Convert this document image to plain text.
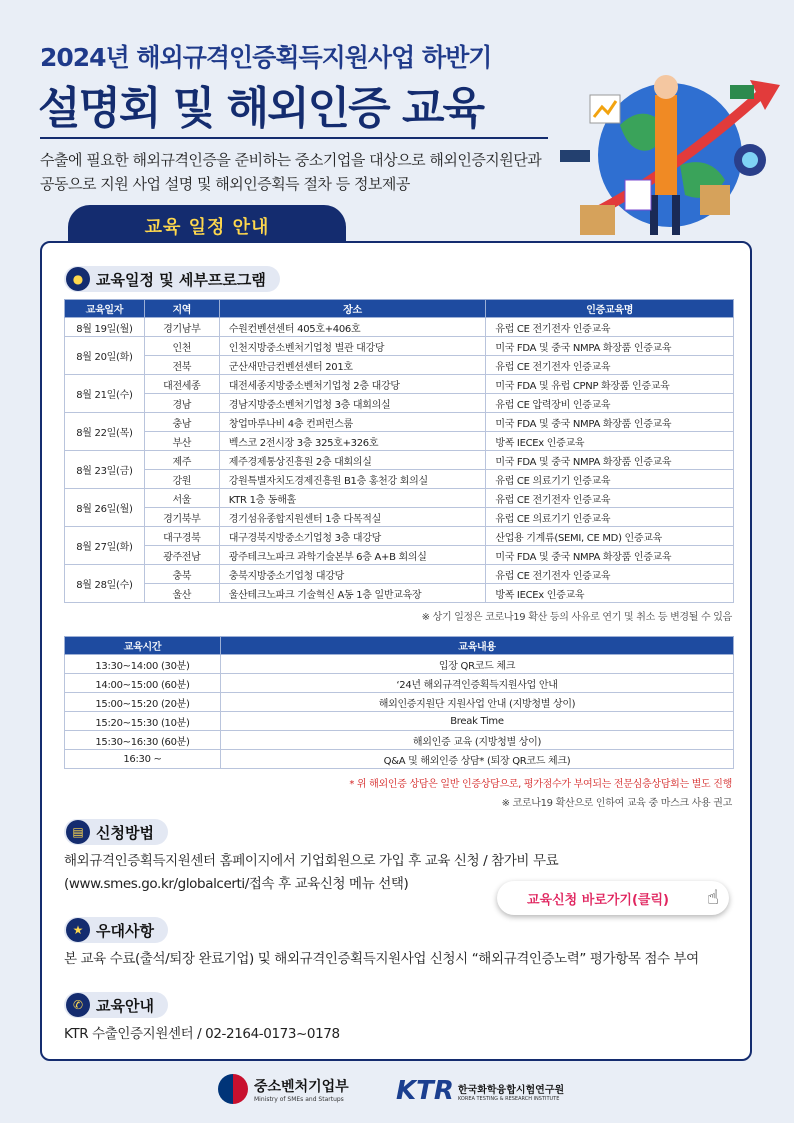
2024년 해외규격인증획득지원사업 하반기
설명회 및 해외인증 교육
수출에 필요한 해외규격인증을 준비하는 중소기업을 대상으로 해외인증지원단과
공동으로 지원 사업 설명 및 해외인증획득 절차 등 정보제공
교육 일정 안내
● 교육일정 및 세부프로그램
교육일자	지역	장소	인증교육명
8월 19일(월)	경기남부	수원컨벤션센터 405호+406호	유럽 CE 전기전자 인증교육
8월 20일(화)	인천	인천지방중소벤처기업청 별관 대강당	미국 FDA 및 중국 NMPA 화장품 인증교육
	전북	군산새만금컨벤션센터 201호	유럽 CE 전기전자 인증교육
8월 21일(수)	대전세종	대전세종지방중소벤처기업청 2층 대강당	미국 FDA 및 유럽 CPNP 화장품 인증교육
	경남	경남지방중소벤처기업청 3층 대회의실	유럽 CE 압력장비 인증교육
8월 22일(목)	충남	창업마루나비 4층 컨퍼런스룸	미국 FDA 및 중국 NMPA 화장품 인증교육
	부산	벡스코 2전시장 3층 325호+326호	방폭 IECEx 인증교육
8월 23일(금)	제주	제주경제통상진흥원 2층 대회의실	미국 FDA 및 중국 NMPA 화장품 인증교육
	강원	강원특별자치도경제진흥원 B1층 홍천강 회의실	유럽 CE 의료기기 인증교육
8월 26일(월)	서울	KTR 1층 동해홀	유럽 CE 전기전자 인증교육
	경기북부	경기섬유종합지원센터 1층 다목적실	유럽 CE 의료기기 인증교육
8월 27일(화)	대구경북	대구경북지방중소기업청 3층 대강당	산업용 기계류(SEMI, CE MD) 인증교육
	광주전남	광주테크노파크 과학기술본부 6층 A+B 회의실	미국 FDA 및 중국 NMPA 화장품 인증교육
8월 28일(수)	충북	충북지방중소기업청 대강당	유럽 CE 전기전자 인증교육
	울산	울산테크노파크 기술혁신 A동 1층 일반교육장	방폭 IECEx 인증교육
※ 상기 일정은 코로나19 확산 등의 사유로 연기 및 취소 등 변경될 수 있음
교육시간	교육내용
13:30~14:00 (30분)	입장 QR코드 체크
14:00~15:00 (60분)	‘24년 해외규격인증획득지원사업 안내
15:00~15:20 (20분)	해외인증지원단 지원사업 안내 (지방청별 상이)
15:20~15:30 (10분)	Break Time
15:30~16:30 (60분)	해외인증 교육 (지방청별 상이)
16:30 ~	Q&A 및 해외인증 상담* (퇴장 QR코드 체크)
* 위 해외인증 상담은 일반 인증상담으로, 평가점수가 부여되는 전문심층상담회는 별도 진행
※ 코로나19 확산으로 인하여 교육 중 마스크 사용 권고
▤ 신청방법
해외규격인증획득지원센터 홈페이지에서 기업회원으로 가입 후 교육 신청 / 참가비 무료
(www.smes.go.kr/globalcerti/접속 후 교육신청 메뉴 선택)
교육신청 바로가기(클릭) ☝
★ 우대사항
본 교육 수료(출석/퇴장 완료기업) 및 해외규격인증획득지원사업 신청시 “해외규격인증노력” 평가항목 점수 부여
✆ 교육안내
KTR 수출인증지원센터 / 02-2164-0173~0178
중소벤처기업부
Ministry of SMEs and Startups KTR 한국화학융합시험연구원
KOREA TESTING & RESEARCH INSTITUTE
